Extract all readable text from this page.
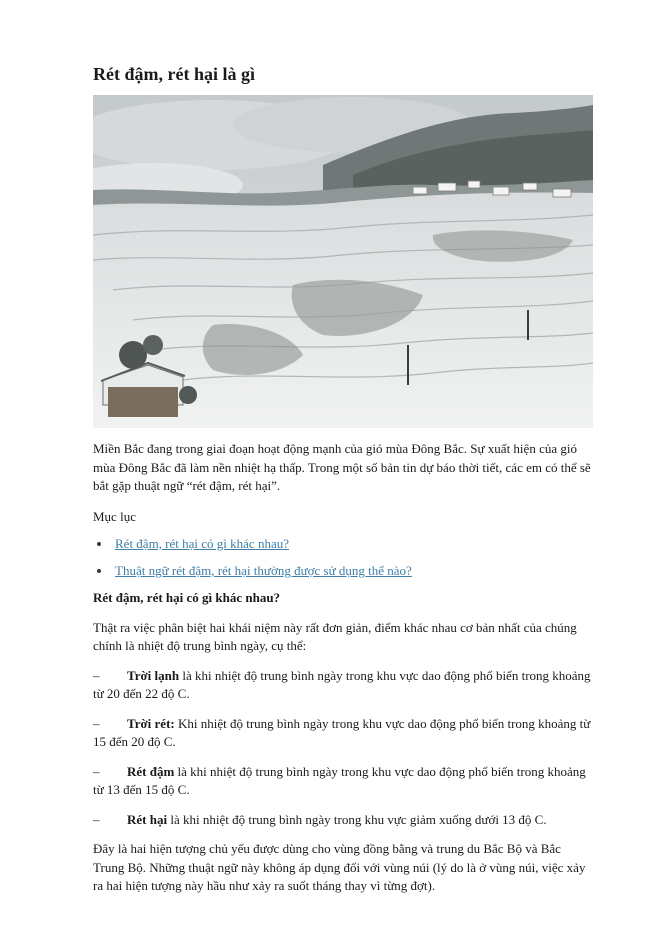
Rét đậm, rét hại là gì

Miền Bắc đang trong giai đoạn hoạt động mạnh của gió mùa Đông Bắc. Sự xuất hiện của gió mùa Đông Bắc đã làm nền nhiệt hạ thấp. Trong một số bản tin dự báo thời tiết, các em có thể sẽ bắt gặp thuật ngữ “rét đậm, rét hại”.

Mục lục

Rét đậm, rét hại có gì khác nhau?
Thuật ngữ rét đậm, rét hại thường được sử dụng thế nào?

Rét đậm, rét hại có gì khác nhau?

Thật ra việc phân biệt hai khái niệm này rất đơn giản, điểm khác nhau cơ bản nhất của chúng chính là nhiệt độ trung bình ngày, cụ thể:

– Trời lạnh là khi nhiệt độ trung bình ngày trong khu vực dao động phổ biến trong khoảng từ 20 đến 22 độ C.

– Trời rét: Khi nhiệt độ trung bình ngày trong khu vực dao động phổ biến trong khoảng từ 15 đến 20 độ C.

– Rét đậm là khi nhiệt độ trung bình ngày trong khu vực dao động phổ biến trong khoảng từ 13 đến 15 độ C.

– Rét hại là khi nhiệt độ trung bình ngày trong khu vực giảm xuống dưới 13 độ C.

Đây là hai hiện tượng chủ yếu được dùng cho vùng đồng bằng và trung du Bắc Bộ và Bắc Trung Bộ. Những thuật ngữ này không áp dụng đối với vùng núi (lý do là ở vùng núi, việc xảy ra hai hiện tượng này hầu như xảy ra suốt tháng thay vì từng đợt).
